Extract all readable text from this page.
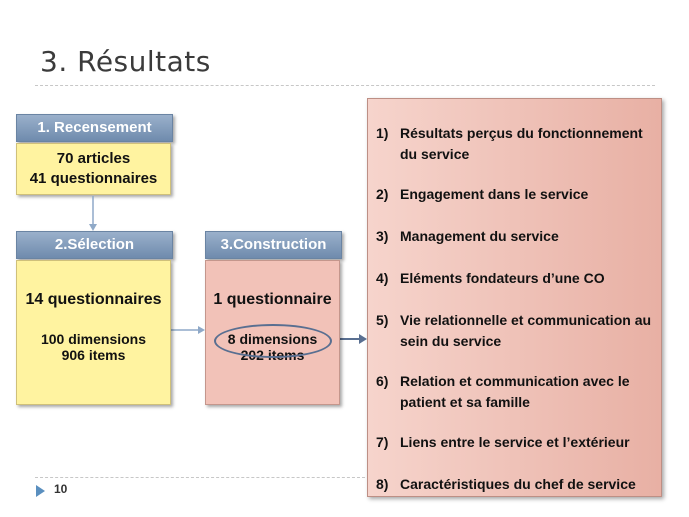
3. Résultats
1. Recensement
70 articles
41 questionnaires
2.Sélection
14 questionnaires
100 dimensions
906 items
3.Construction
1 questionnaire
8 dimensions
202 items
1) Résultats perçus du fonctionnement du service
2) Engagement dans le service
3) Management du service
4) Eléments fondateurs d’une CO
5) Vie relationnelle et communication au sein du service
6) Relation et communication avec le patient et sa famille
7) Liens entre le service et l’extérieur
8) Caractéristiques du chef de service
10
